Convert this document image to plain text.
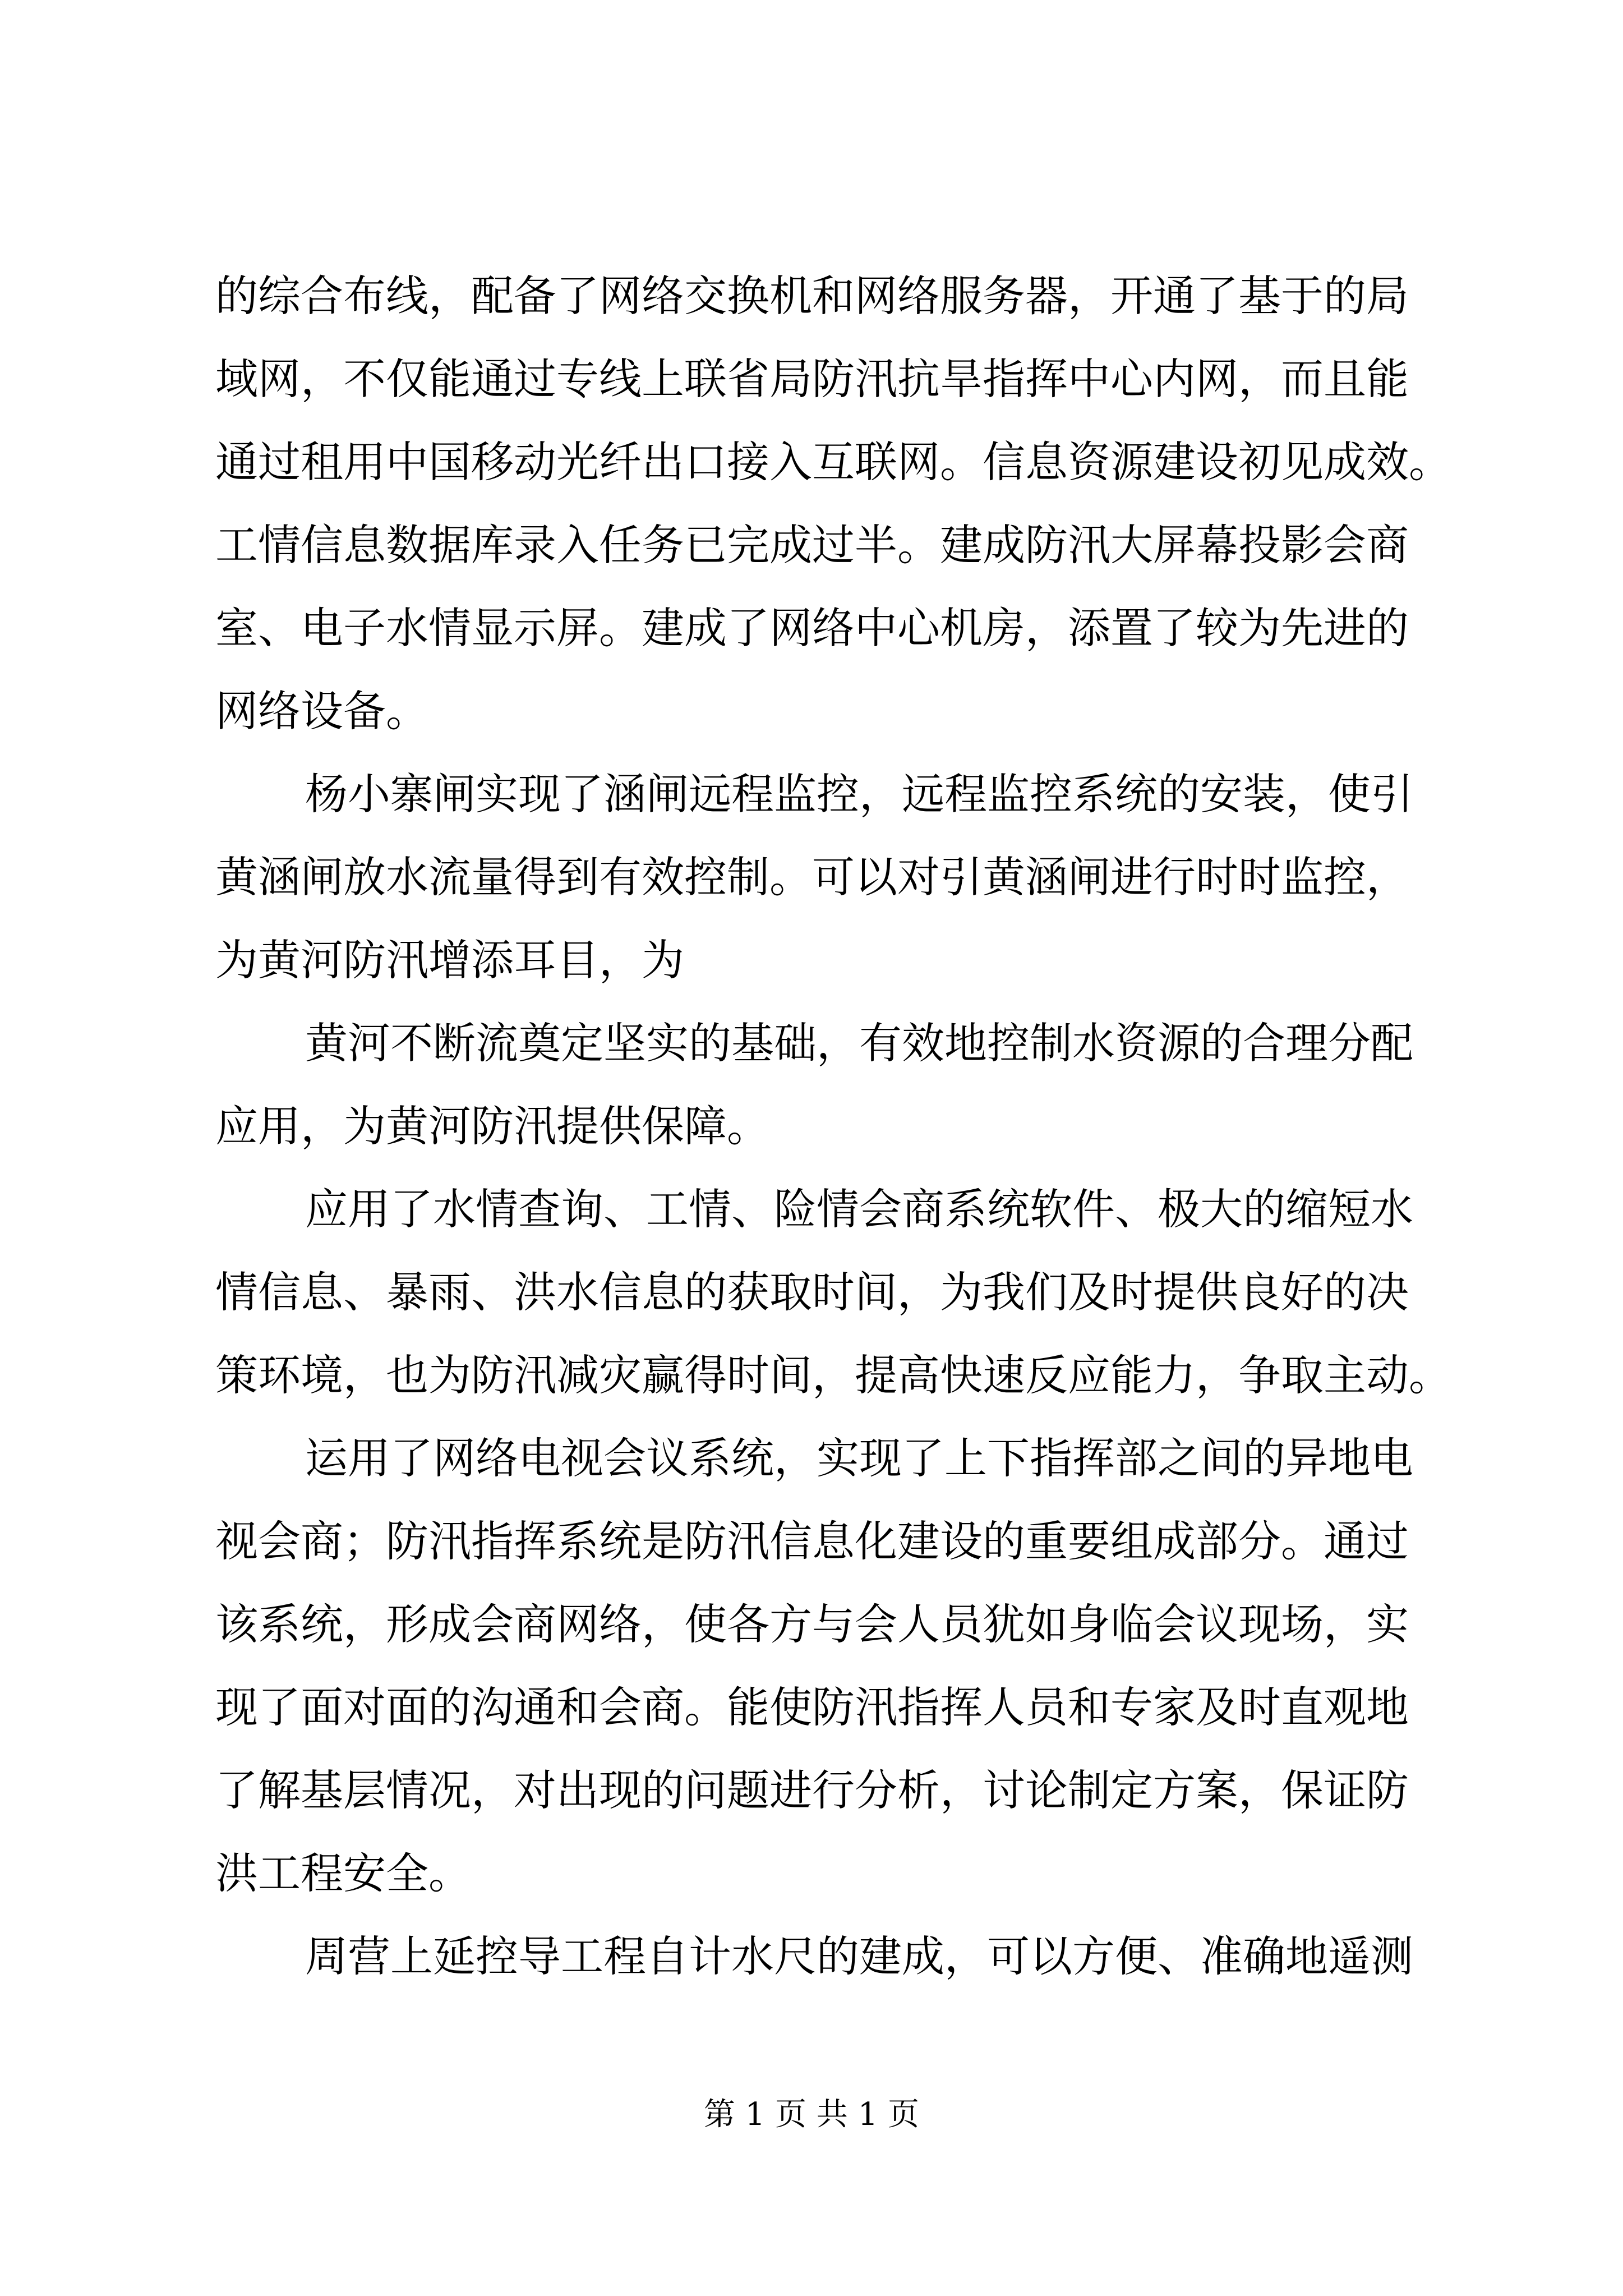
的综合布线，配备了网络交换机和网络服务器，开通了基于的局
域网，不仅能通过专线上联省局防汛抗旱指挥中心内网，而且能
通过租用中国移动光纤出口接入互联网。信息资源建设初见成效。
工情信息数据库录入任务已完成过半。建成防汛大屏幕投影会商
室、电子水情显示屏。建成了网络中心机房，添置了较为先进的
网络设备。
杨小寨闸实现了涵闸远程监控，远程监控系统的安装，使引
黄涵闸放水流量得到有效控制。可以对引黄涵闸进行时时监控，
为黄河防汛增添耳目，为
黄河不断流奠定坚实的基础，有效地控制水资源的合理分配
应用，为黄河防汛提供保障。
应用了水情查询、工情、险情会商系统软件、极大的缩短水
情信息、暴雨、洪水信息的获取时间，为我们及时提供良好的决
策环境，也为防汛减灾赢得时间，提高快速反应能力，争取主动。
运用了网络电视会议系统，实现了上下指挥部之间的异地电
视会商；防汛指挥系统是防汛信息化建设的重要组成部分。通过
该系统，形成会商网络，使各方与会人员犹如身临会议现场，实
现了面对面的沟通和会商。能使防汛指挥人员和专家及时直观地
了解基层情况，对出现的问题进行分析，讨论制定方案，保证防
洪工程安全。
周营上延控导工程自计水尺的建成，可以方便、准确地遥测
第 1 页 共 1 页
